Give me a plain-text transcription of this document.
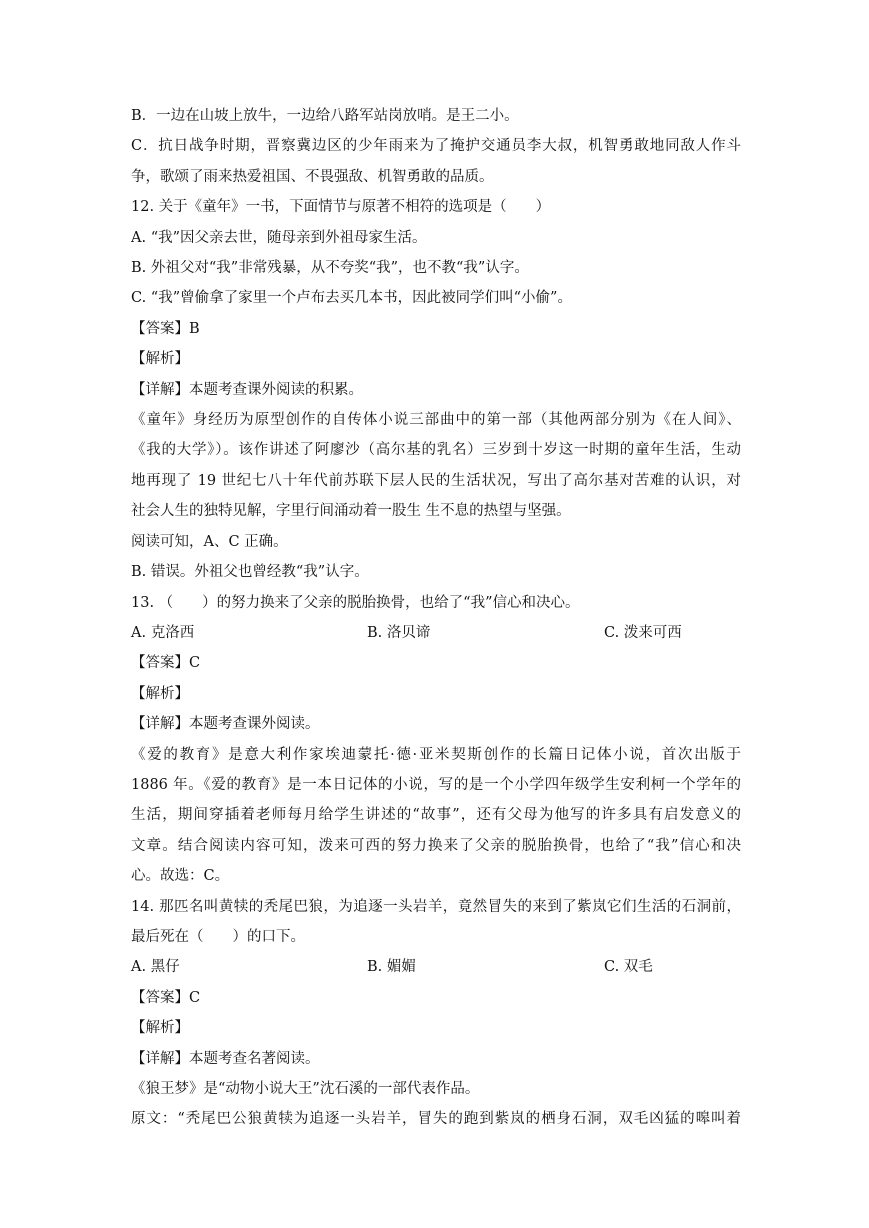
B．一边在山坡上放牛，一边给八路军站岗放哨。是王二小。
C．抗日战争时期，晋察冀边区的少年雨来为了掩护交通员李大叔，机智勇敢地同敌人作斗
争，歌颂了雨来热爱祖国、不畏强敌、机智勇敢的品质。
12. 关于《童年》一书，下面情节与原著不相符的选项是（　　）
A. “我”因父亲去世，随母亲到外祖母家生活。
B. 外祖父对“我”非常残暴，从不夸奖“我”，也不教“我”认字。
C. “我”曾偷拿了家里一个卢布去买几本书，因此被同学们叫“小偷”。
【答案】B
【解析】
【详解】本题考查课外阅读的积累。
《童年》身经历为原型创作的自传体小说三部曲中的第一部（其他两部分别为《在人间》、
《我的大学》）。该作讲述了阿廖沙（高尔基的乳名）三岁到十岁这一时期的童年生活，生动
地再现了 19 世纪七八十年代前苏联下层人民的生活状况，写出了高尔基对苦难的认识，对
社会人生的独特见解，字里行间涌动着一股生 生不息的热望与坚强。
阅读可知，A、C 正确。
B. 错误。外祖父也曾经教“我”认字。
13. （　　）的努力换来了父亲的脱胎换骨，也给了“我”信心和决心。
A. 克洛西	B. 洛贝谛	C. 泼来可西
【答案】C
【解析】
【详解】本题考查课外阅读。
《爱的教育》是意大利作家埃迪蒙托·德·亚米契斯创作的长篇日记体小说，首次出版于
1886 年。《爱的教育》是一本日记体的小说，写的是一个小学四年级学生安利柯一个学年的
生活，期间穿插着老师每月给学生讲述的“故事”，还有父母为他写的许多具有启发意义的
文章。结合阅读内容可知，泼来可西的努力换来了父亲的脱胎换骨，也给了“我”信心和决
心。故选：C。
14. 那匹名叫黄犊的秃尾巴狼，为追逐一头岩羊，竟然冒失的来到了紫岚它们生活的石洞前，
最后死在（　　）的口下。
A. 黑仔	B. 媚媚	C. 双毛
【答案】C
【解析】
【详解】本题考查名著阅读。
《狼王梦》是“动物小说大王”沈石溪的一部代表作品。
原文：“秃尾巴公狼黄犊为追逐一头岩羊，冒失的跑到紫岚的栖身石洞，双毛凶猛的嗥叫着
